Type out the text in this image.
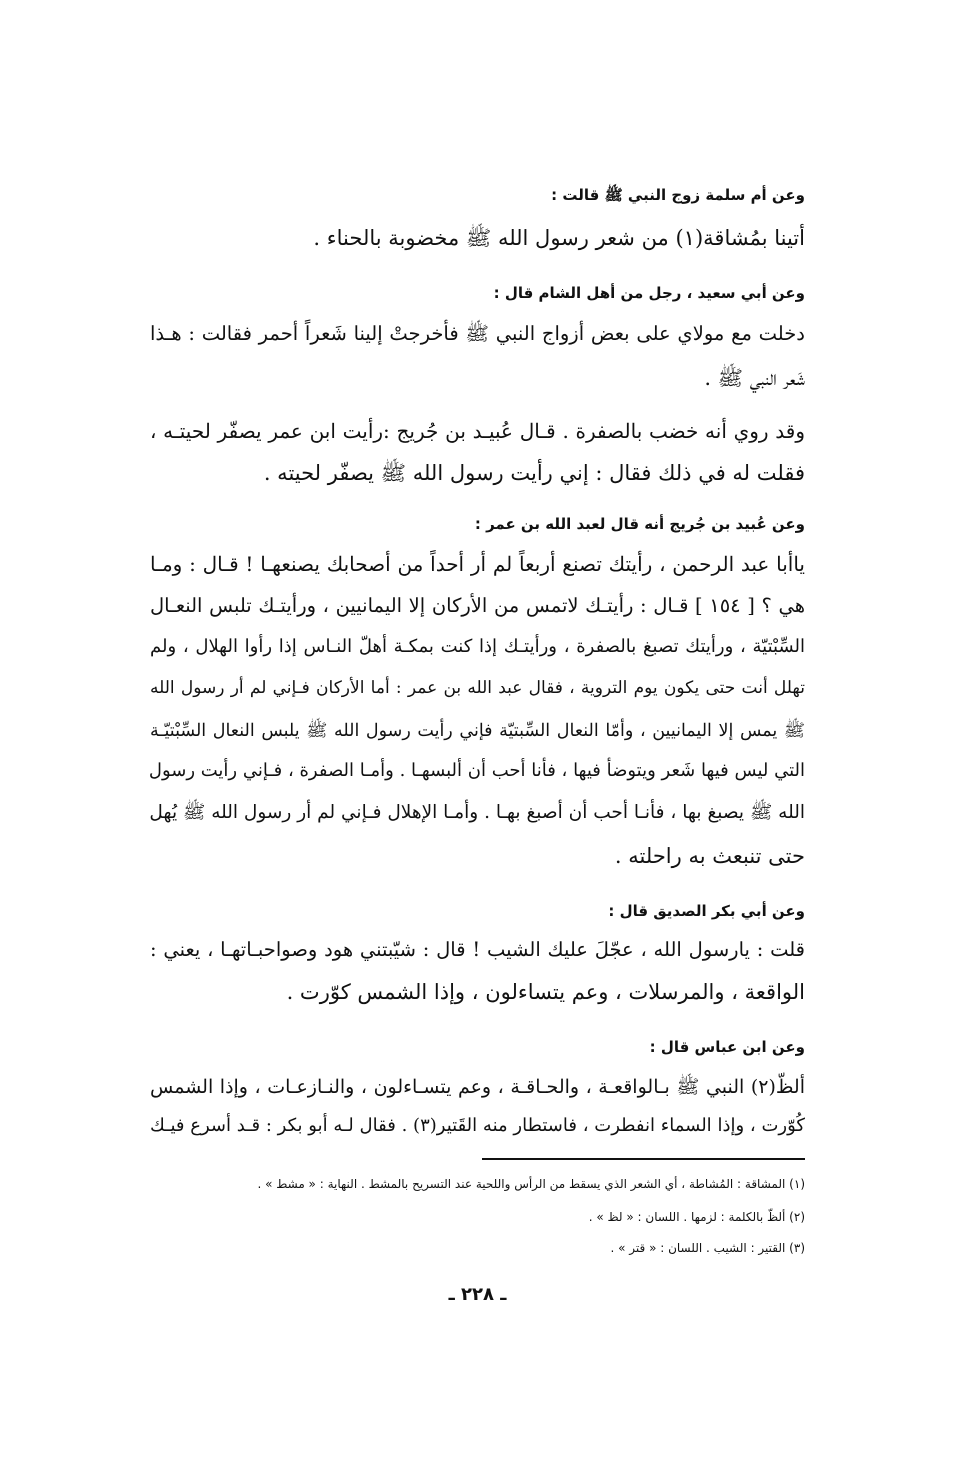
وعن أم سلمة زوج النبي ﷺ قالت :
أتينا بمُشاقة(١) من شعر رسول الله ﷺ مخضوبة بالحناء .
وعن أبي سعيد ، رجل من أهل الشام قال :
دخلت مع مولاي على بعض أزواج النبي ﷺ فأخرجتْ إلينا شَعراً أحمر فقالت : هـذا
شَعر النبي ﷺ .
وقد روي أنه خضب بالصفرة . قـال عُبيـد بن جُريج :رأيت ابن عمر يصفّر لحيتـه ،
فقلت له في ذلك فقال : إني رأيت رسول الله ﷺ يصفّر لحيته .
وعن عُبيد بن جُريج أنه قال لعبد الله بن عمر :
ياأبا عبد الرحمن ، رأيتك تصنع أربعاً لم أر أحداً من أصحابك يصنعهـا ! قـال : ومـا
هي ؟ [ ١٥٤ ] قـال : رأيتـك لاتمس من الأركان إلا اليمانيين ، ورأيتـك تلبس النعـال
السِّبْتيّة ، ورأيتك تصبغ بالصفرة ، ورأيتـك إذا كنت بمكـة أهلّ النـاس إذا رأوا الهلال ، ولم
تهلل أنت حتى يكون يوم التروية ، فقال عبد الله بن عمر : أما الأركان فـإني لم أر رسول الله
ﷺ يمس إلا اليمانيين ، وأمّا النعال السِّبتيّة فإني رأيت رسول الله ﷺ يلبس النعال السِّبْتيّـة
التي ليس فيها شَعر ويتوضأ فيها ، فأنا أحب أن ألبسهـا . وأمـا الصفرة ، فـإني رأيت رسول
الله ﷺ يصبغ بها ، فأنـا أحب أن أصبغ بهـا . وأمـا الإهلال فـإني لم أر رسول الله ﷺ يُهل
حتى تنبعث به راحلته .
وعن أبي بكر الصديق قال :
قلت : يارسول الله ، عجّلَ عليك الشيب ! قال : شيّبتني هود وصواحبـاتهـا ، يعني :
الواقعة ، والمرسلات ، وعم يتساءلون ، وإذا الشمس كوّرت .
وعن ابن عباس قال :
ألظّ(٢) النبي ﷺ بـالواقعـة ، والحـاقـة ، وعم يتسـاءلون ، والنـازعـات ، وإذا الشمس
كُوّرت ، وإذا السماء انفطرت ، فاستطار منه القَتير(٣) . فقال لـه أبو بكر : قـد أسرع فيـك
(١) المشاقة : المُشاطة ، أي الشعر الذي يسقط من الرأس واللحية عند التسريح بالمشط . النهاية : « مشط » .
(٢) ألظّ بالكلمة : لزمها . اللسان : « لظ » .
(٣) القتير : الشيب . اللسان : « قتر » .
ـ ٢٢٨ ـ
